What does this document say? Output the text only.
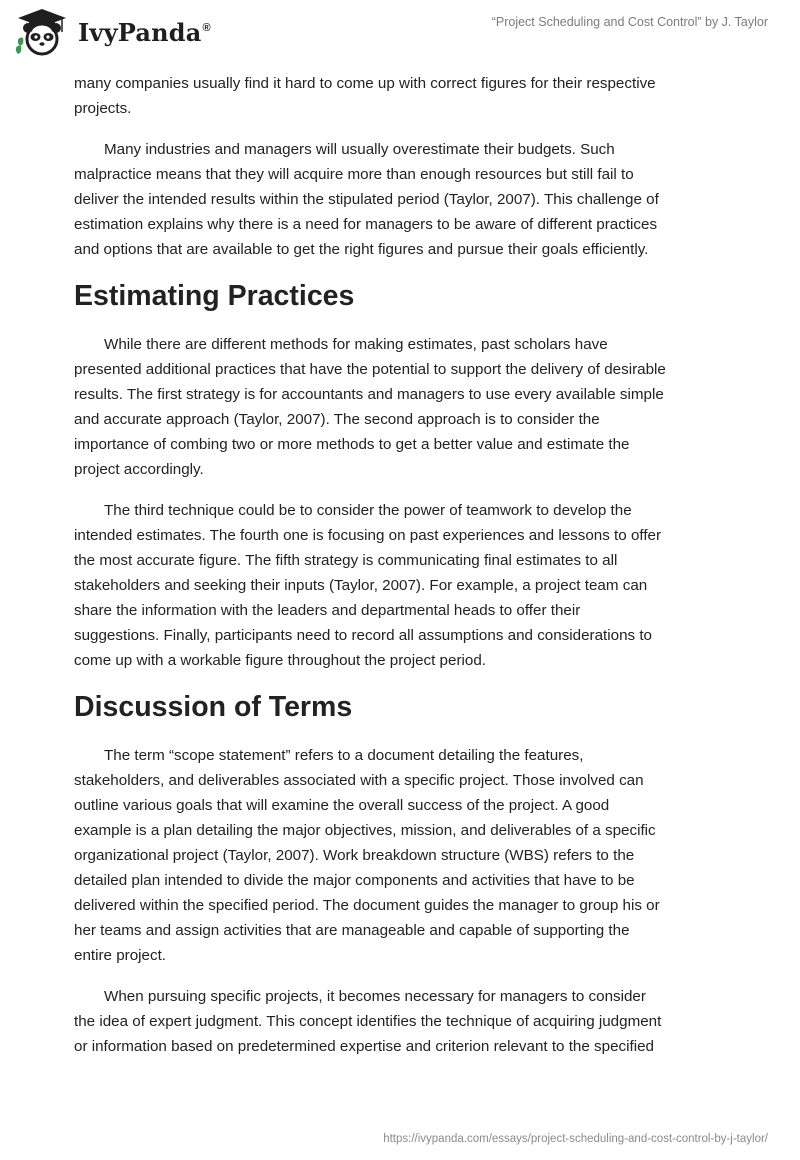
IvyPanda®	“Project Scheduling and Cost Control” by J. Taylor

many companies usually find it hard to come up with correct figures for their respective
projects.

Many industries and managers will usually overestimate their budgets. Such
malpractice means that they will acquire more than enough resources but still fail to
deliver the intended results within the stipulated period (Taylor, 2007). This challenge of
estimation explains why there is a need for managers to be aware of different practices
and options that are available to get the right figures and pursue their goals efficiently.

Estimating Practices

While there are different methods for making estimates, past scholars have
presented additional practices that have the potential to support the delivery of desirable
results. The first strategy is for accountants and managers to use every available simple
and accurate approach (Taylor, 2007). The second approach is to consider the
importance of combing two or more methods to get a better value and estimate the
project accordingly.

The third technique could be to consider the power of teamwork to develop the
intended estimates. The fourth one is focusing on past experiences and lessons to offer
the most accurate figure. The fifth strategy is communicating final estimates to all
stakeholders and seeking their inputs (Taylor, 2007). For example, a project team can
share the information with the leaders and departmental heads to offer their
suggestions. Finally, participants need to record all assumptions and considerations to
come up with a workable figure throughout the project period.

Discussion of Terms

The term “scope statement” refers to a document detailing the features,
stakeholders, and deliverables associated with a specific project. Those involved can
outline various goals that will examine the overall success of the project. A good
example is a plan detailing the major objectives, mission, and deliverables of a specific
organizational project (Taylor, 2007). Work breakdown structure (WBS) refers to the
detailed plan intended to divide the major components and activities that have to be
delivered within the specified period. The document guides the manager to group his or
her teams and assign activities that are manageable and capable of supporting the
entire project.

When pursuing specific projects, it becomes necessary for managers to consider
the idea of expert judgment. This concept identifies the technique of acquiring judgment
or information based on predetermined expertise and criterion relevant to the specified

https://ivypanda.com/essays/project-scheduling-and-cost-control-by-j-taylor/
